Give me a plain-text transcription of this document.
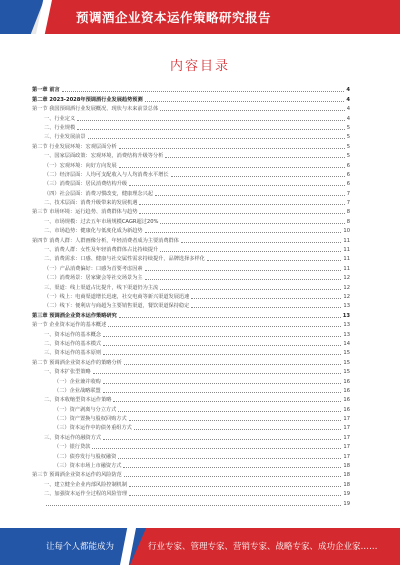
预调酒企业资本运作策略研究报告
内容目录
第一章 前言	4
第二章 2023-2028年预调酒行业发展趋势预测	4
第一节 我国预调酒行业发展概况、现状与未来前景总体	4
一、行业定义	4
二、行业规模	5
三、行业发展前景	5
第二节 行业发展环境：宏观层面分析	5
一、国家层面政策：宏观环境，消费结构升级等分析	5
（一）宏观环境：向好方向发展	6
（二）经济层面：人均可支配收入与人均消费水平增长	6
（三）消费层面：居民消费结构升级	6
（四）社会层面：消费习惯改变，健康理念兴起	7
二、技术层面：消费升级带来的发展机遇	7
第三节 市场环境：运行趋势、消费群体与趋势	8
一、市场规模：过去五年市场规模CAGR超过20%	8
二、市场趋势：健康化与低度化成为新趋势	10
第四节 消费人群：人群画像分析，年轻消费者成为主要消费群体	11
一、消费人群：女性及年轻消费群体占比持续提升	11
二、消费需求：口感、健康与社交属性需求持续提升，品牌选择多样化	11
（一）产品消费偏好：口感为首要考虑因素	11
（二）消费场景：居家聚会等社交场景为主	12
三、渠道：线上渠道占比提升，线下渠道仍为主流	12
（一）线上：电商渠道增长迅速，社交电商等新兴渠道发展迅速	12
（二）线下：便利店与商超为主要销售渠道，餐饮渠道保持稳定	13
第三章 预调酒企业资本运作策略研究	13
第一节 企业资本运作的基本概述	13
一、资本运作的基本概念	13
二、资本运作的基本模式	14
三、资本运作的基本原则	15
第二节 预调酒企业资本运作的策略分析	15
一、资本扩张型策略	15
（一）企业兼并收购	16
（二）企业战略联盟	16
二、资本收缩型资本运作策略	16
（一）资产剥离与分立方式	16
（二）资产置换与股权回购方式	17
（三）资本运作中的债务重组方式	17
三、资本运作的融资方式	17
（一）银行贷款	17
（二）债券发行与股权融资	17
（三）资本市场上市融资方式	18
第三节 预调酒企业资本运作的风险防范	18
一、建立健全企业内部风险控制机制	18
二、加强资本运作全过程的风险管理	19
19
让每个人都能成为	行业专家、管理专家、营销专家、战略专家、成功企业家……
